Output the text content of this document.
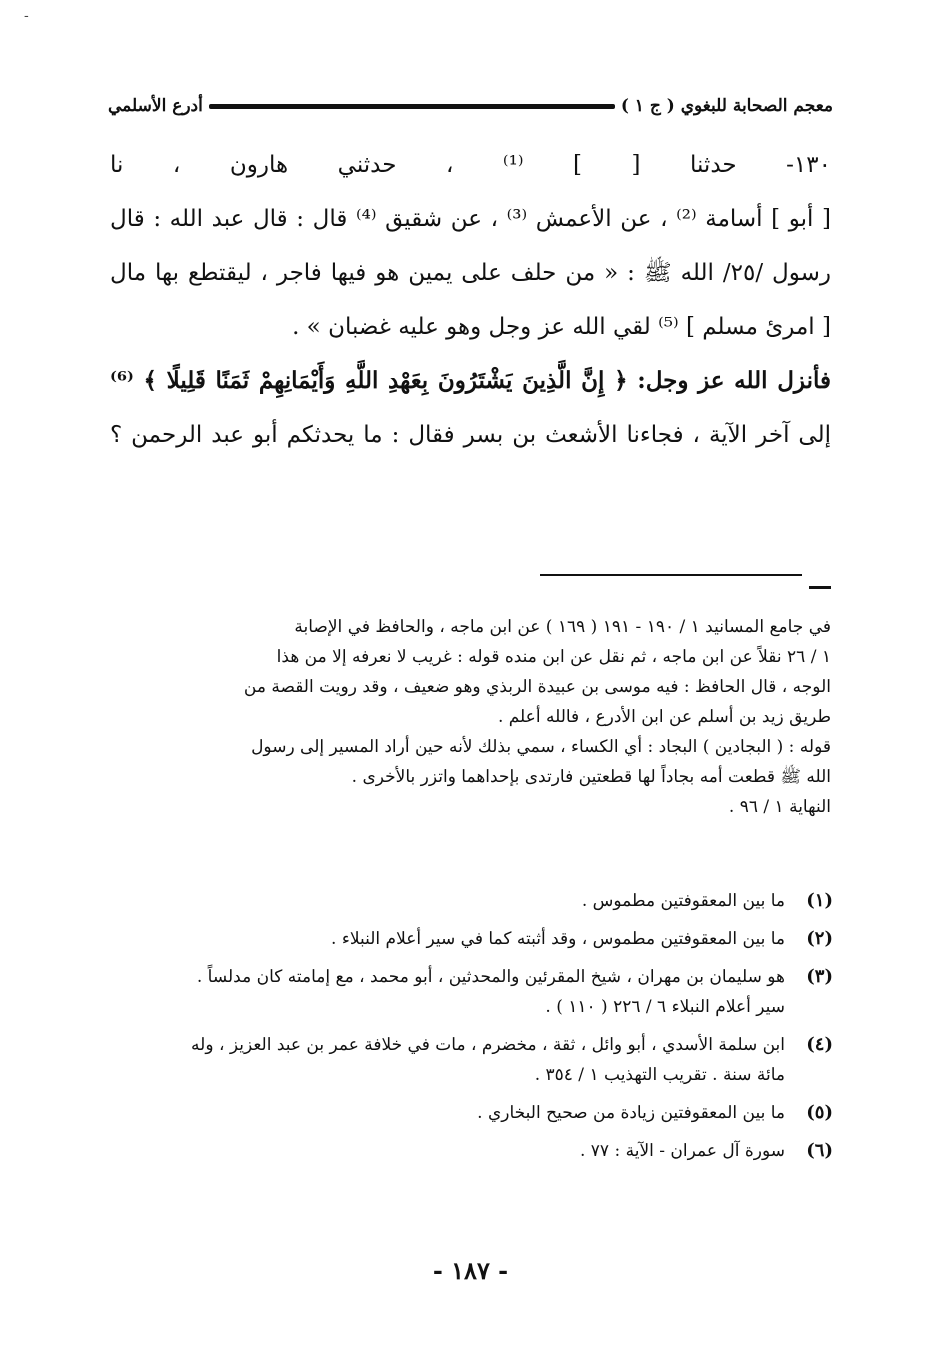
-
معجم الصحابة للبغوي ( ج ١ )
أدرع الأسلمي
١٣٠- حدثنا [ ] ⁽¹⁾ ، حدثني هارون ، نا
[ أبو ] أسامة ⁽²⁾ ، عن الأعمش ⁽³⁾ ، عن شقيق ⁽⁴⁾ قال : قال عبد الله : قال
رسول /٢٥/ الله ﷺ : « من حلف على يمين هو فيها فاجر ، ليقتطع بها مال
[ امرئ مسلم ] ⁽⁵⁾ لقي الله عز وجل وهو عليه غضبان » .
فأنزل الله عز وجل: ﴿ إِنَّ الَّذِينَ يَشْتَرُونَ بِعَهْدِ اللَّهِ وَأَيْمَانِهِمْ ثَمَنًا قَلِيلًا ﴾ ⁽⁶⁾
إلى آخر الآية ، فجاءنا الأشعث بن بسر فقال : ما يحدثكم أبو عبد الرحمن ؟
في جامع المسانيد ١ / ١٩٠ - ١٩١ ( ١٦٩ ) عن ابن ماجه ، والحافظ في الإصابة
١ / ٢٦ نقلاً عن ابن ماجه ، ثم نقل عن ابن منده قوله : غريب لا نعرفه إلا من هذا
الوجه ، قال الحافظ : فيه موسى بن عبيدة الربذي وهو ضعيف ، وقد رويت القصة من
طريق زيد بن أسلم عن ابن الأدرع ، فالله أعلم .
قوله : ( البجادين ) البجاد : أي الكساء ، سمي بذلك لأنه حين أراد المسير إلى رسول
الله ﷺ قطعت أمه بجاداً لها قطعتين فارتدى بإحداهما واتزر بالأخرى .
النهاية ١ / ٩٦ .
(١)
ما بين المعقوفتين مطموس .
(٢)
ما بين المعقوفتين مطموس ، وقد أثبته كما في سير أعلام النبلاء .
(٣)
هو سليمان بن مهران ، شيخ المقرئين والمحدثين ، أبو محمد ، مع إمامته كان مدلساً .
سير أعلام النبلاء ٦ / ٢٢٦ ( ١١٠ ) .
(٤)
ابن سلمة الأسدي ، أبو وائل ، ثقة ، مخضرم ، مات في خلافة عمر بن عبد العزيز ، وله
مائة سنة . تقريب التهذيب ١ / ٣٥٤ .
(٥)
ما بين المعقوفتين زيادة من صحيح البخاري .
(٦)
سورة آل عمران - الآية : ٧٧ .
- ١٨٧ -
